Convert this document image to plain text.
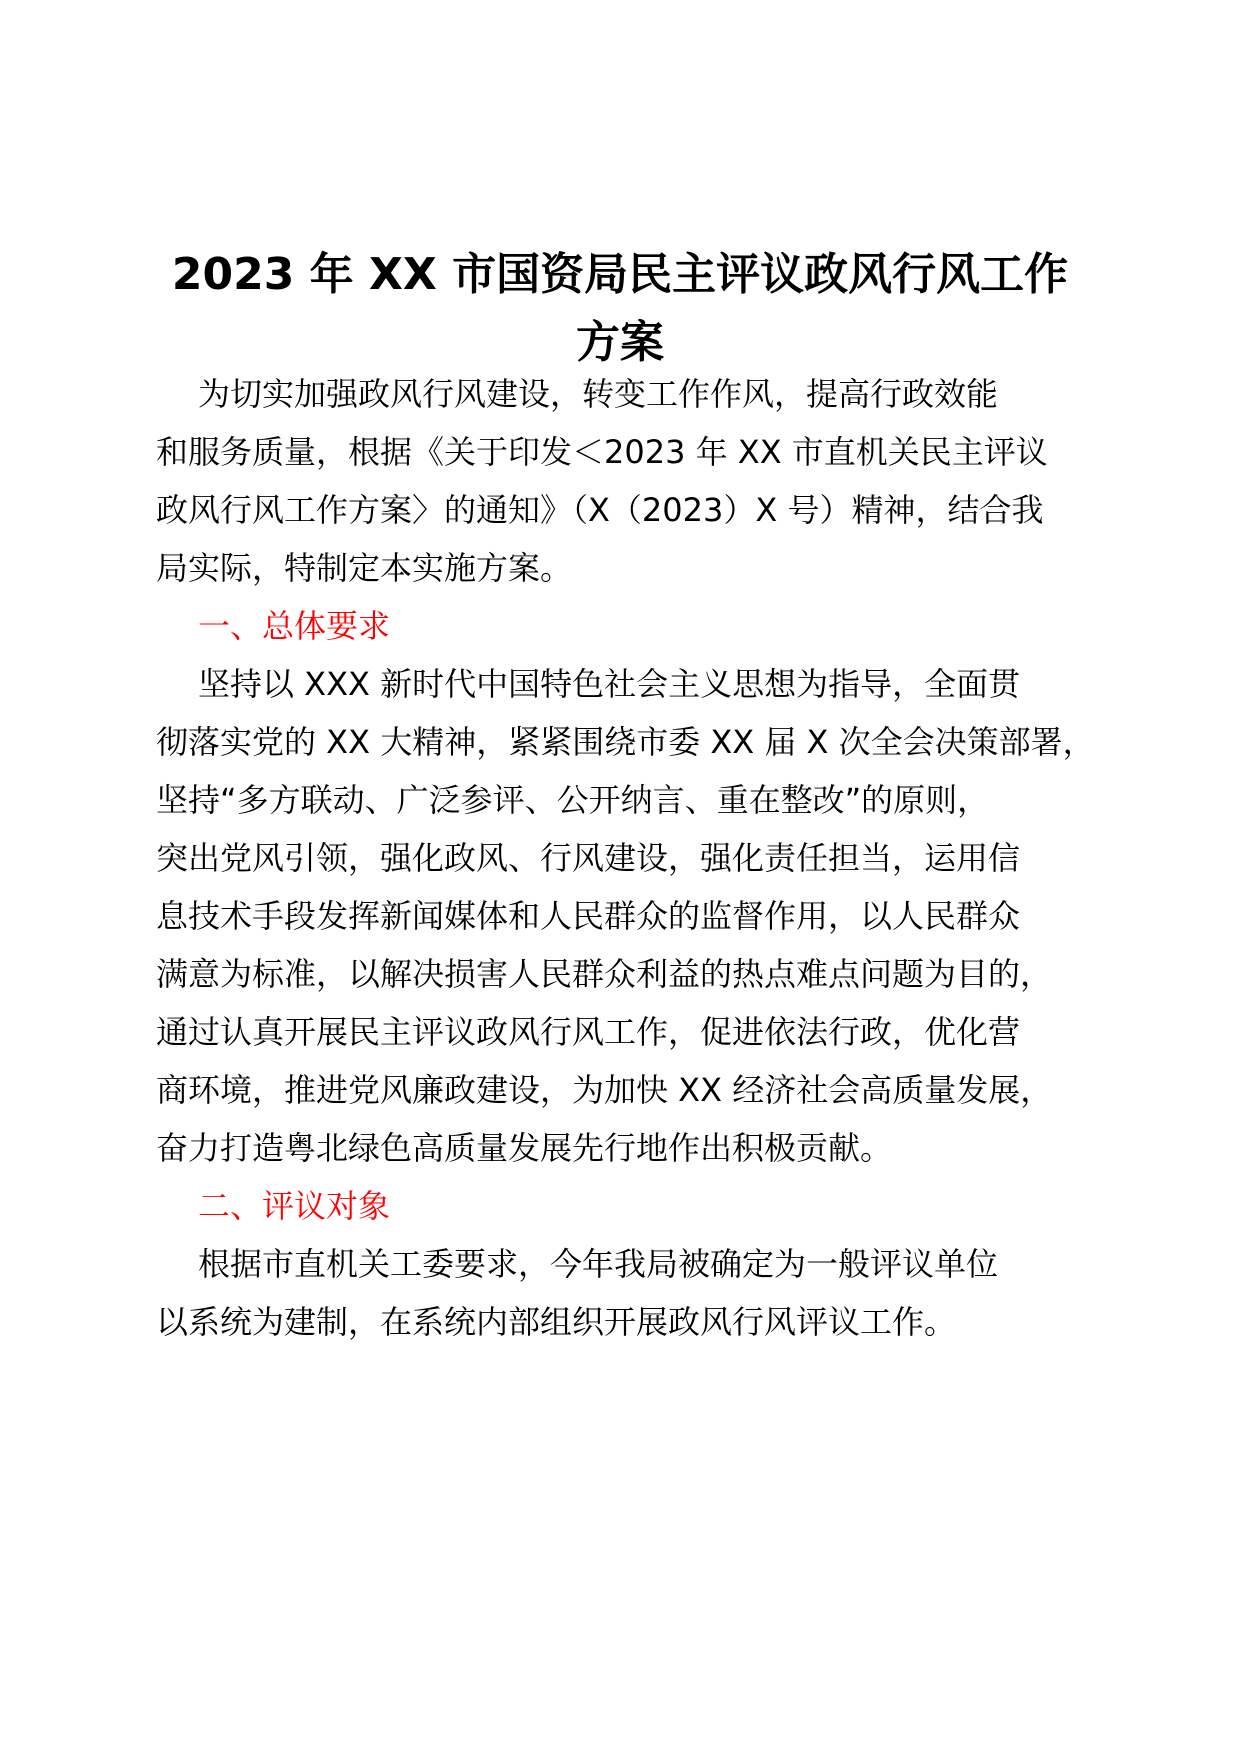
2023 年 XX 市国资局民主评议政风行风工作
方案

为切实加强政风行风建设，转变工作作风，提高行政效能

和服务质量，根据《关于印发＜2023 年 XX 市直机关民主评议

政风行风工作方案〉的通知》（X（2023）X 号）精神，结合我

局实际，特制定本实施方案。

一、总体要求

坚持以 XXX 新时代中国特色社会主义思想为指导，全面贯

彻落实党的 XX 大精神，紧紧围绕市委 XX 届 X 次全会决策部署，

坚持“多方联动、广泛参评、公开纳言、重在整改”的原则，

突出党风引领，强化政风、行风建设，强化责任担当，运用信

息技术手段发挥新闻媒体和人民群众的监督作用，以人民群众

满意为标准，以解决损害人民群众利益的热点难点问题为目的，

通过认真开展民主评议政风行风工作，促进依法行政，优化营

商环境，推进党风廉政建设，为加快 XX 经济社会高质量发展，

奋力打造粤北绿色高质量发展先行地作出积极贡献。

二、评议对象

根据市直机关工委要求，今年我局被确定为一般评议单位

以系统为建制，在系统内部组织开展政风行风评议工作。
